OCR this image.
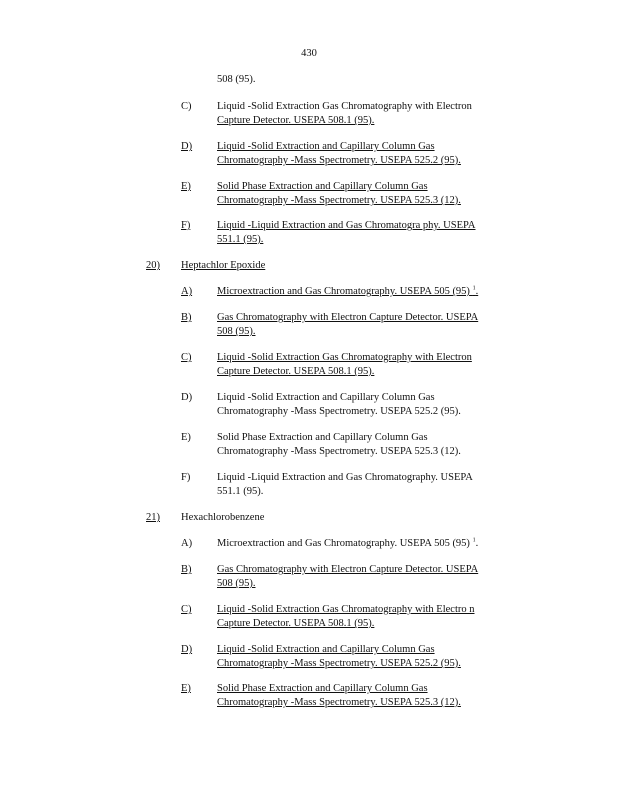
430
508 (95).
C) Liquid -Solid Extraction Gas Chromatography with Electron
Capture Detector. USEPA 508.1 (95).
D) Liquid -Solid Extraction and Capillary Column Gas
Chromatography -Mass Spectrometry. USEPA 525.2 (95).
E) Solid Phase Extraction and Capillary Column Gas
Chromatography -Mass Spectrometry. USEPA 525.3 (12).
F)	Liquid -Liquid Extraction and Gas Chromatogra phy. USEPA
551.1 (95).
20) Heptachlor Epoxide
A) Microextraction and Gas Chromatography. USEPA 505 (95) $^1$.
B) Gas Chromatography with Electron Capture Detector. USEPA
508 (95).
C) Liquid -Solid Extraction Gas Chromatography with Electron
Capture Detector. USEPA 508.1 (95).
D) Liquid -Solid Extraction and Capillary Column Gas
Chromatography -Mass Spectrometry. USEPA 525.2 (95).
E) Solid Phase Extraction and Capillary Column Gas
Chromatography -Mass Spectrometry. USEPA 525.3 (12).
F)	Liquid -Liquid Extraction and Gas Chromatography. USEPA
551.1 (95).
21) Hexachlorobenzene
A) Microextraction and Gas Chromatography. USEPA 505 (95) $^1$.
B) Gas Chromatography with Electron Capture Detector. USEPA
508 (95).
C) Liquid -Solid Extraction Gas Chromatography with Electro n
Capture Detector. USEPA 508.1 (95).
D) Liquid -Solid Extraction and Capillary Column Gas
Chromatography -Mass Spectrometry. USEPA 525.2 (95).
E) Solid Phase Extraction and Capillary Column Gas
Chromatography -Mass Spectrometry. USEPA 525.3 (12).
